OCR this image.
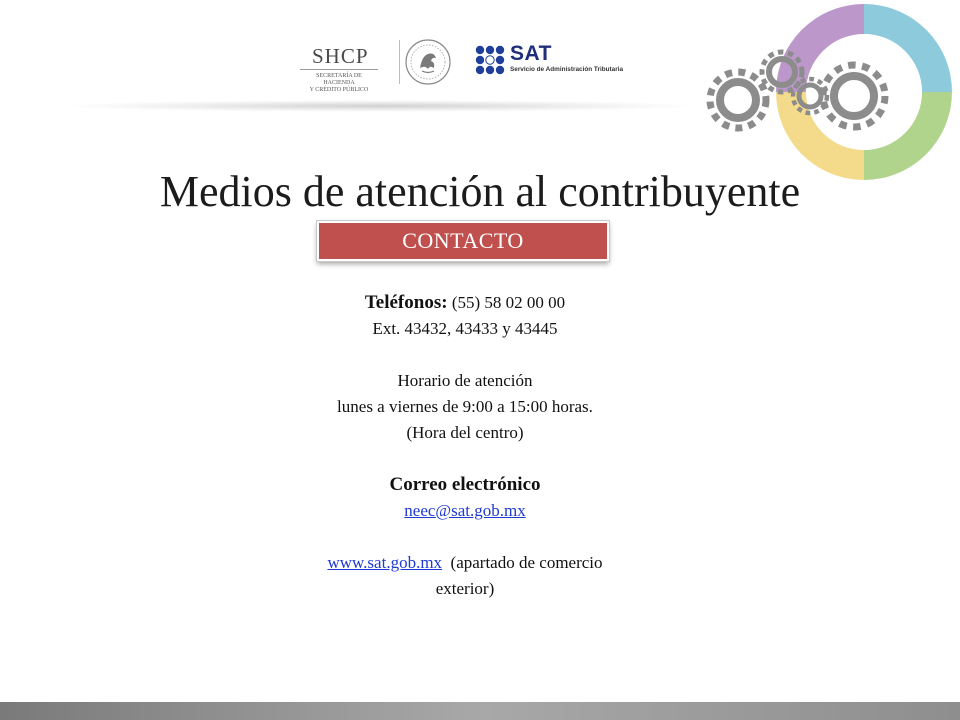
SHCP
SECRETARÍA DE HACIENDA
Y CRÉDITO PÚBLICO
SAT
Servicio de Administración Tributaria
Medios de atención al contribuyente
CONTACTO

Teléfonos: (55) 58 02 00 00

Ext. 43432, 43433 y 43445

Horario de atención

lunes a viernes de 9:00 a 15:00 horas.

(Hora del centro)

Correo electrónico

neec@sat.gob.mx

www.sat.gob.mx (apartado de comercio

exterior)
